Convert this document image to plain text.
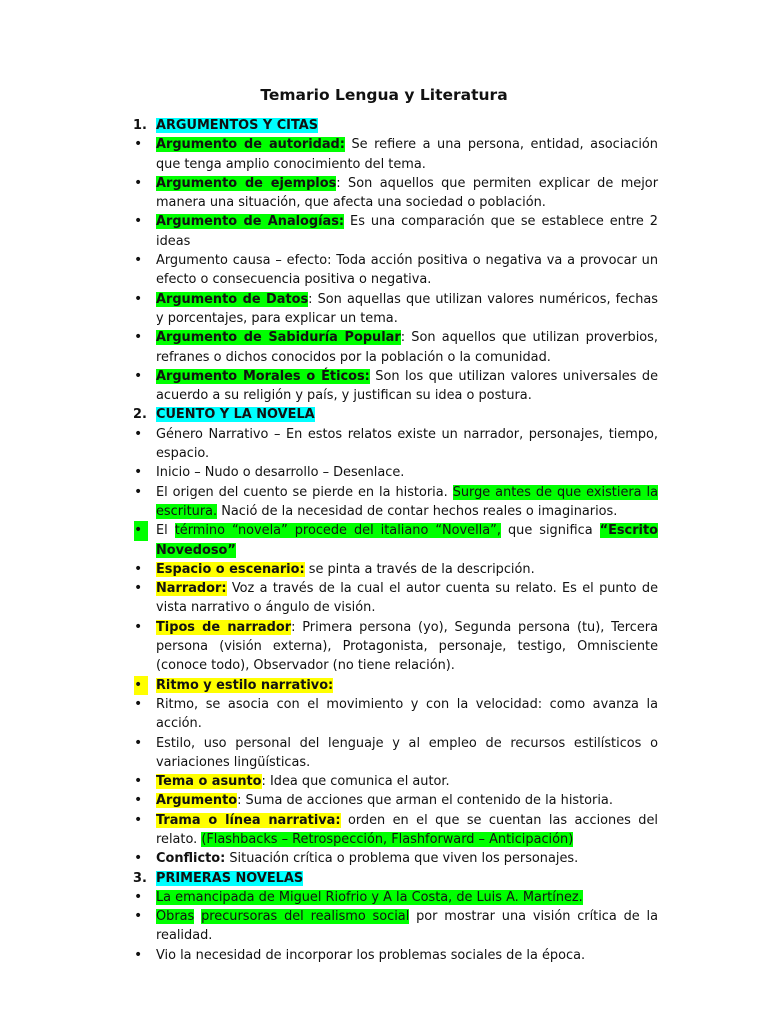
Temario Lengua y Literatura
1. ARGUMENTOS Y CITAS
•	Argumento de autoridad: Se refiere a una persona, entidad, asociación que tenga amplio conocimiento del tema.
•	Argumento de ejemplos: Son aquellos que permiten explicar de mejor manera una situación, que afecta una sociedad o población.
•	Argumento de Analogías: Es una comparación que se establece entre 2 ideas
•	Argumento causa – efecto: Toda acción positiva o negativa va a provocar un efecto o consecuencia positiva o negativa.
•	Argumento de Datos: Son aquellas que utilizan valores numéricos, fechas y porcentajes, para explicar un tema.
•	Argumento de Sabiduría Popular: Son aquellos que utilizan proverbios, refranes o dichos conocidos por la población o la comunidad.
•	Argumento Morales o Éticos: Son los que utilizan valores universales de acuerdo a su religión y país, y justifican su idea o postura.
2. CUENTO Y LA NOVELA
•	Género Narrativo – En estos relatos existe un narrador, personajes, tiempo, espacio.
•	Inicio – Nudo o desarrollo – Desenlace.
•	El origen del cuento se pierde en la historia. Surge antes de que existiera la escritura. Nació de la necesidad de contar hechos reales o imaginarios.
•	El término “novela” procede del italiano “Novella”, que significa “Escrito Novedoso”
•	Espacio o escenario: se pinta a través de la descripción.
•	Narrador: Voz a través de la cual el autor cuenta su relato. Es el punto de vista narrativo o ángulo de visión.
•	Tipos de narrador: Primera persona (yo), Segunda persona (tu), Tercera persona (visión externa), Protagonista, personaje, testigo, Omnisciente (conoce todo), Observador (no tiene relación).
•	Ritmo y estilo narrativo:
•	Ritmo, se asocia con el movimiento y con la velocidad: como avanza la acción.
•	Estilo, uso personal del lenguaje y al empleo de recursos estilísticos o variaciones lingüísticas.
•	Tema o asunto: Idea que comunica el autor.
•	Argumento: Suma de acciones que arman el contenido de la historia.
•	Trama o línea narrativa: orden en el que se cuentan las acciones del relato. (Flashbacks – Retrospección, Flashforward – Anticipación)
•	Conflicto: Situación crítica o problema que viven los personajes.
3. PRIMERAS NOVELAS
•	La emancipada de Miguel Riofrio y A la Costa, de Luis A. Martínez.
•	Obras precursoras del realismo social por mostrar una visión crítica de la realidad.
•	Vio la necesidad de incorporar los problemas sociales de la época.
